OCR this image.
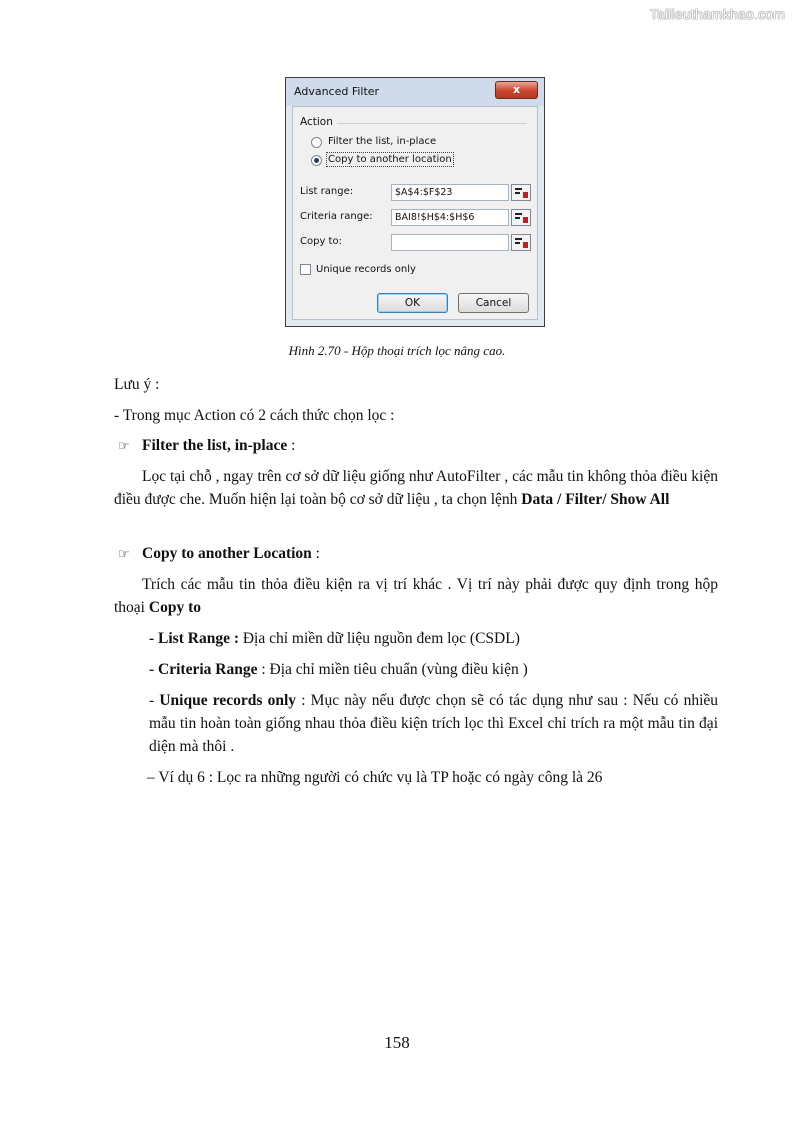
Tailieuthamkhao.com
Advanced Filter	x
Action
Filter the list, in-place
Copy to another location
List range:	$A$4:$F$23
Criteria range:	BAI8!$H$4:$H$6
Copy to:
Unique records only
OK	Cancel
Hình 2.70 - Hộp thoại trích lọc nâng cao.
Lưu ý :
- Trong mục Action có 2 cách thức chọn lọc :
☞ Filter the list, in-place :
Lọc tại chỗ , ngay trên cơ sở dữ liệu giống như AutoFilter , các mẫu tin không thỏa điều kiện điều được che. Muốn hiện lại toàn bộ cơ sở dữ liệu , ta chọn lệnh Data / Filter/ Show All
☞ Copy to another Location :
Trích các mẫu tin thỏa điều kiện ra vị trí khác . Vị trí này phải được quy định trong hộp thoại Copy to
- List Range : Địa chỉ miền dữ liệu nguồn đem lọc (CSDL)
- Criteria Range : Địa chỉ miền tiêu chuẩn (vùng điều kiện )
- Unique records only : Mục này nếu được chọn sẽ có tác dụng như sau : Nếu có nhiều mẫu tin hoàn toàn giống nhau thỏa điều kiện trích lọc thì Excel chỉ trích ra một mẫu tin đại diện mà thôi .
– Ví dụ 6 : Lọc ra những người có chức vụ là TP hoặc có ngày công là 26
158
